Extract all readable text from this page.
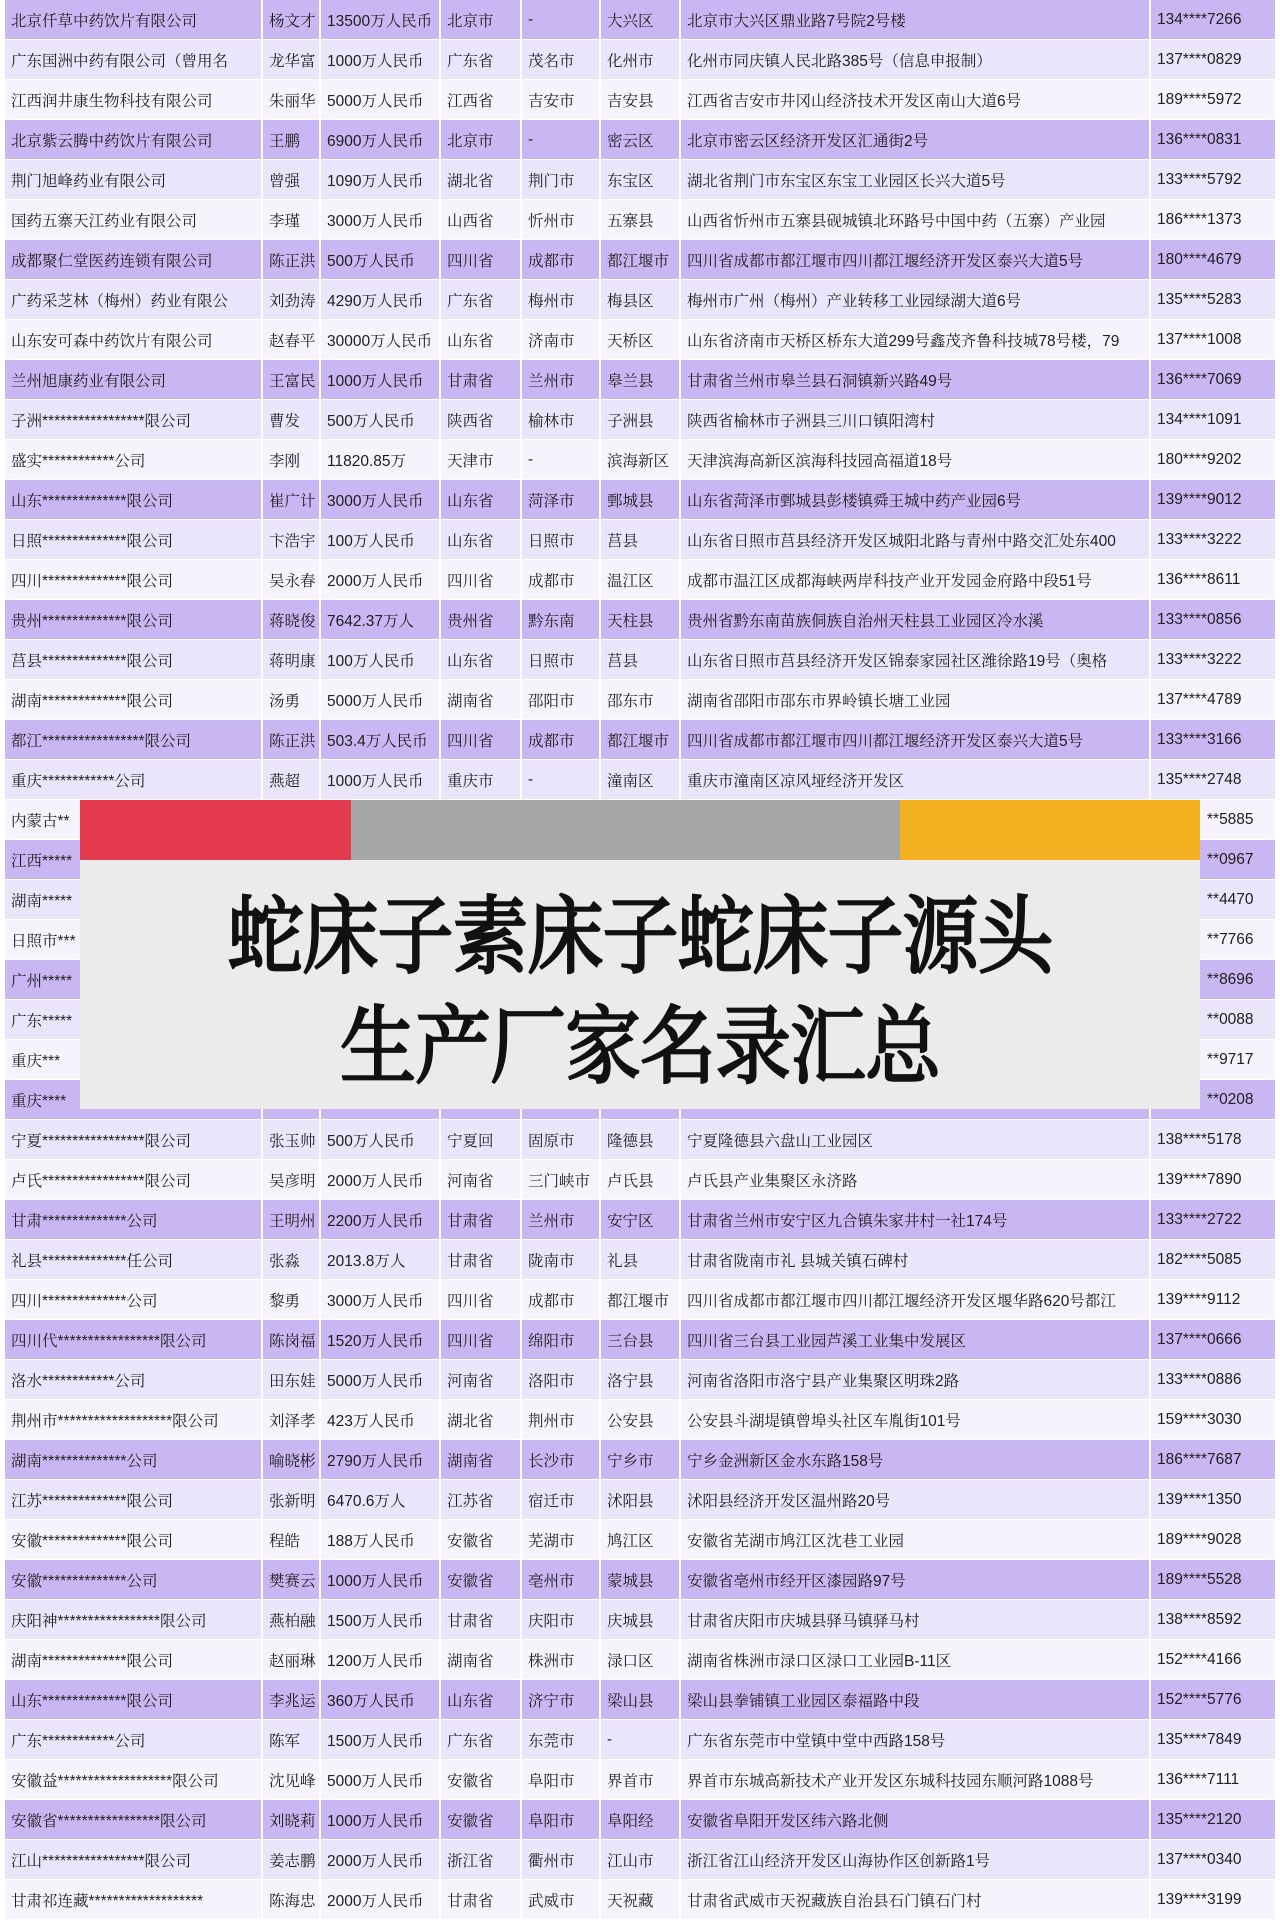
北京仟草中药饮片有限公司	杨文才	13500万人民币	北京市	-	大兴区	北京市大兴区鼎业路7号院2号楼	134****7266
广东国洲中药有限公司（曾用名	龙华富	1000万人民币	广东省	茂名市	化州市	化州市同庆镇人民北路385号（信息申报制）	137****0829
江西润井康生物科技有限公司	朱丽华	5000万人民币	江西省	吉安市	吉安县	江西省吉安市井冈山经济技术开发区南山大道6号	189****5972
北京紫云腾中药饮片有限公司	王鹏	6900万人民币	北京市	-	密云区	北京市密云区经济开发区汇通街2号	136****0831
荆门旭峰药业有限公司	曾强	1090万人民币	湖北省	荆门市	东宝区	湖北省荆门市东宝区东宝工业园区长兴大道5号	133****5792
国药五寨天江药业有限公司	李瑾	3000万人民币	山西省	忻州市	五寨县	山西省忻州市五寨县砚城镇北环路号中国中药（五寨）产业园	186****1373
成都聚仁堂医药连锁有限公司	陈正洪	500万人民币	四川省	成都市	都江堰市	四川省成都市都江堰市四川都江堰经济开发区泰兴大道5号	180****4679
广药采芝林（梅州）药业有限公	刘劲涛	4290万人民币	广东省	梅州市	梅县区	梅州市广州（梅州）产业转移工业园绿湖大道6号	135****5283
山东安可森中药饮片有限公司	赵春平	30000万人民币	山东省	济南市	天桥区	山东省济南市天桥区桥东大道299号鑫茂齐鲁科技城78号楼，79	137****1008
兰州旭康药业有限公司	王富民	1000万人民币	甘肃省	兰州市	皋兰县	甘肃省兰州市皋兰县石洞镇新兴路49号	136****7069
子洲*****************限公司	曹发	500万人民币	陕西省	榆林市	子洲县	陕西省榆林市子洲县三川口镇阳湾村	134****1091
盛实************公司	李刚	11820.85万	天津市	-	滨海新区	天津滨海高新区滨海科技园高福道18号	180****9202
山东**************限公司	崔广计	3000万人民币	山东省	菏泽市	鄄城县	山东省菏泽市鄄城县彭楼镇舜王城中药产业园6号	139****9012
日照**************限公司	卞浩宇	100万人民币	山东省	日照市	莒县	山东省日照市莒县经济开发区城阳北路与青州中路交汇处东400	133****3222
四川**************限公司	吴永春	2000万人民币	四川省	成都市	温江区	成都市温江区成都海峡两岸科技产业开发园金府路中段51号	136****8611
贵州**************限公司	蒋晓俊	7642.37万人	贵州省	黔东南	天柱县	贵州省黔东南苗族侗族自治州天柱县工业园区冷水溪	133****0856
莒县**************限公司	蒋明康	100万人民币	山东省	日照市	莒县	山东省日照市莒县经济开发区锦泰家园社区潍徐路19号（奥格	133****3222
湖南**************限公司	汤勇	5000万人民币	湖南省	邵阳市	邵东市	湖南省邵阳市邵东市界岭镇长塘工业园	137****4789
都江*****************限公司	陈正洪	503.4万人民币	四川省	成都市	都江堰市	四川省成都市都江堰市四川都江堰经济开发区泰兴大道5号	133****3166
重庆************公司	燕超	1000万人民币	重庆市	-	潼南区	重庆市潼南区凉风垭经济开发区	135****2748
内蒙古**							**5885
江西*****							**0967
湖南*****							**4470
日照市***							**7766
广州*****							**8696
广东*****							**0088
重庆***							**9717
重庆****							**0208
宁夏*****************限公司	张玉帅	500万人民币	宁夏回	固原市	隆德县	宁夏隆德县六盘山工业园区	138****5178
卢氏*****************限公司	吴彦明	2000万人民币	河南省	三门峡市	卢氏县	卢氏县产业集聚区永济路	139****7890
甘肃**************公司	王明州	2200万人民币	甘肃省	兰州市	安宁区	甘肃省兰州市安宁区九合镇朱家井村一社174号	133****2722
礼县**************任公司	张淼	2013.8万人	甘肃省	陇南市	礼县	甘肃省陇南市礼 县城关镇石碑村	182****5085
四川**************公司	黎勇	3000万人民币	四川省	成都市	都江堰市	四川省成都市都江堰市四川都江堰经济开发区堰华路620号都江	139****9112
四川代*****************限公司	陈岗福	1520万人民币	四川省	绵阳市	三台县	四川省三台县工业园芦溪工业集中发展区	137****0666
洛水************公司	田东娃	5000万人民币	河南省	洛阳市	洛宁县	河南省洛阳市洛宁县产业集聚区明珠2路	133****0886
荆州市*******************限公司	刘泽孝	423万人民币	湖北省	荆州市	公安县	公安县斗湖堤镇曾埠头社区车胤街101号	159****3030
湖南**************公司	喻晓彬	2790万人民币	湖南省	长沙市	宁乡市	宁乡金洲新区金水东路158号	186****7687
江苏**************限公司	张新明	6470.6万人	江苏省	宿迁市	沭阳县	沭阳县经济开发区温州路20号	139****1350
安徽**************限公司	程皓	188万人民币	安徽省	芜湖市	鸠江区	安徽省芜湖市鸠江区沈巷工业园	189****9028
安徽**************公司	樊赛云	1000万人民币	安徽省	亳州市	蒙城县	安徽省亳州市经开区漆园路97号	189****5528
庆阳神*****************限公司	燕柏融	1500万人民币	甘肃省	庆阳市	庆城县	甘肃省庆阳市庆城县驿马镇驿马村	138****8592
湖南**************限公司	赵丽琳	1200万人民币	湖南省	株洲市	渌口区	湖南省株洲市渌口区渌口工业园B-11区	152****4166
山东**************限公司	李兆运	360万人民币	山东省	济宁市	梁山县	梁山县拳铺镇工业园区泰福路中段	152****5776
广东************公司	陈军	1500万人民币	广东省	东莞市	-	广东省东莞市中堂镇中堂中西路158号	135****7849
安徽益*******************限公司	沈见峰	5000万人民币	安徽省	阜阳市	界首市	界首市东城高新技术产业开发区东城科技园东顺河路1088号	136****7111
安徽省*****************限公司	刘晓莉	1000万人民币	安徽省	阜阳市	阜阳经	安徽省阜阳开发区纬六路北侧	135****2120
江山*****************限公司	姜志鹏	2000万人民币	浙江省	衢州市	江山市	浙江省江山经济开发区山海协作区创新路1号	137****0340
甘肃祁连藏*******************	陈海忠	2000万人民币	甘肃省	武威市	天祝藏	甘肃省武威市天祝藏族自治县石门镇石门村	139****3199
蛇床子素床子蛇床子源头
生产厂家名录汇总
